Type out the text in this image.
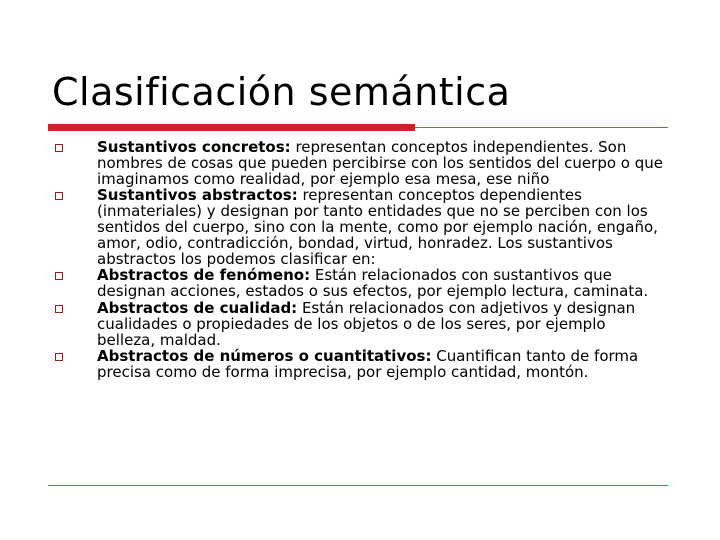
Clasificación semántica
Sustantivos concretos: representan conceptos independientes. Son nombres de cosas que pueden percibirse con los sentidos del cuerpo o que imaginamos como realidad, por ejemplo esa mesa, ese niño
Sustantivos abstractos: representan conceptos dependientes (inmateriales) y designan por tanto entidades que no se perciben con los sentidos del cuerpo, sino con la mente, como por ejemplo nación, engaño, amor, odio, contradicción, bondad, virtud, honradez. Los sustantivos abstractos los podemos clasificar en:
Abstractos de fenómeno: Están relacionados con sustantivos que designan acciones, estados o sus efectos, por ejemplo lectura, caminata.
Abstractos de cualidad: Están relacionados con adjetivos y designan cualidades o propiedades de los objetos o de los seres, por ejemplo belleza, maldad.
Abstractos de números o cuantitativos: Cuantifican tanto de forma precisa como de forma imprecisa, por ejemplo cantidad, montón.
